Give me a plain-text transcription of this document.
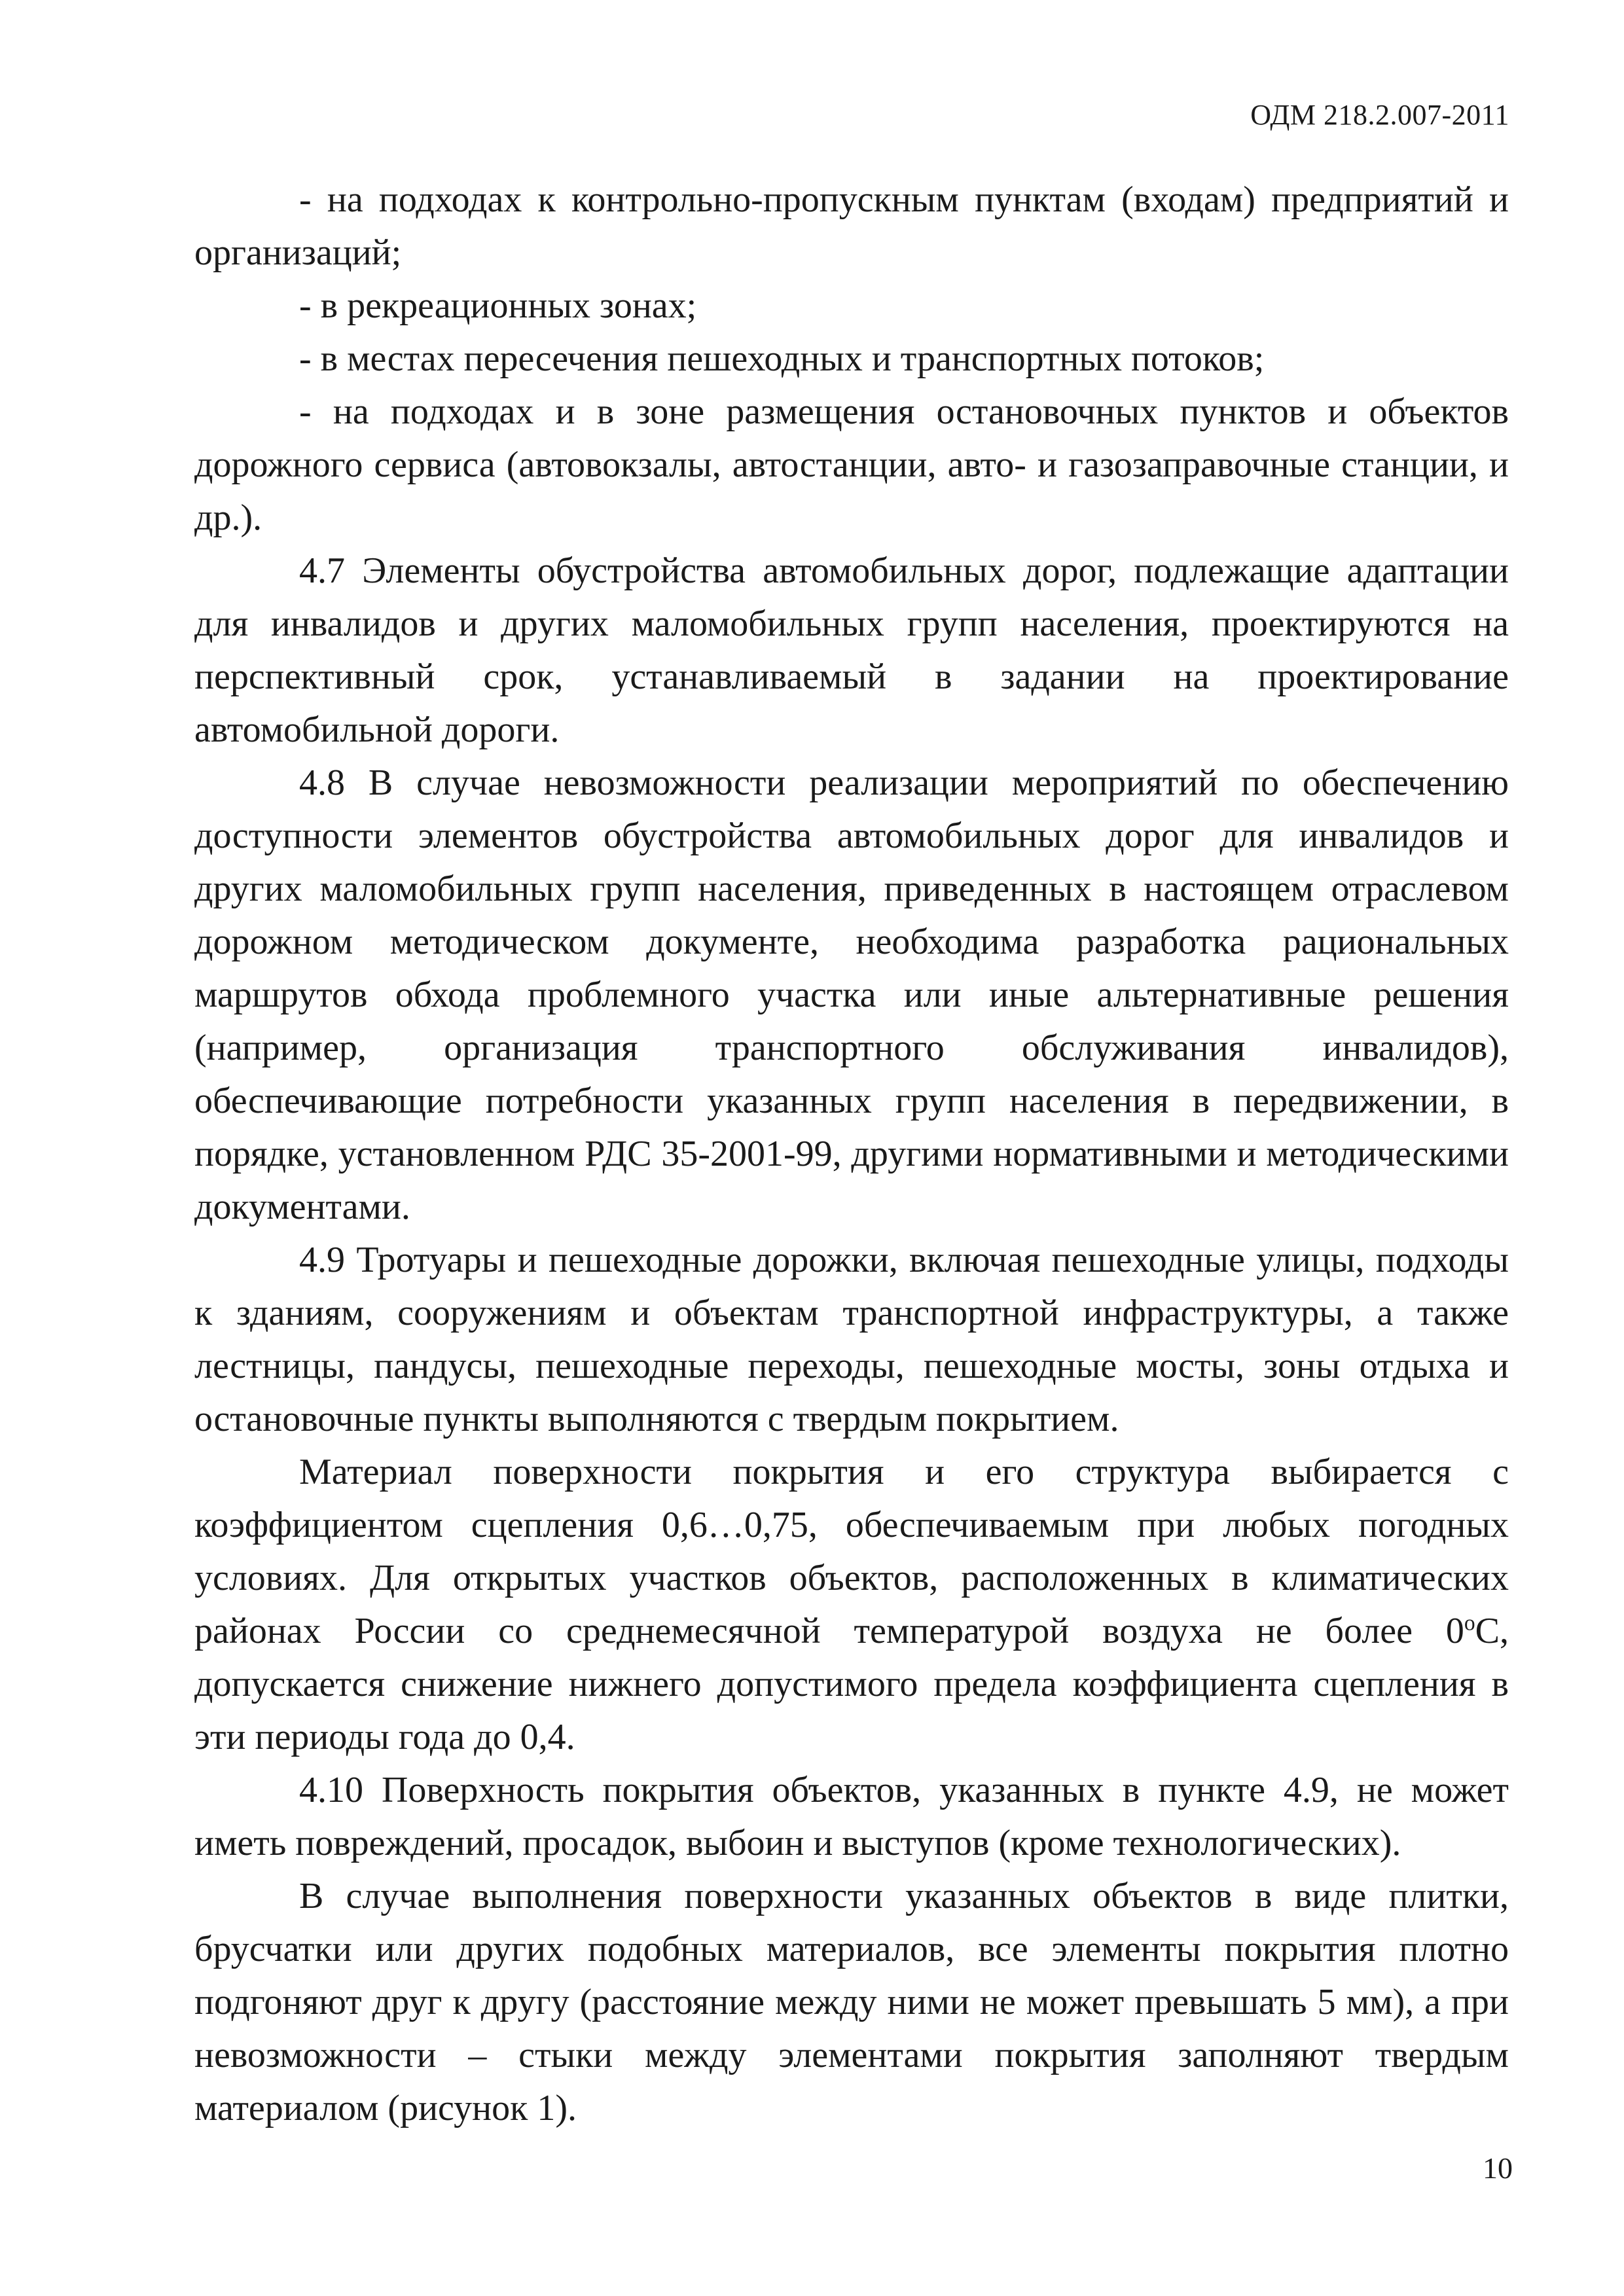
ОДМ 218.2.007-2011

- на подходах к контрольно-пропускным пунктам (входам) предприятий и организаций;

- в рекреационных зонах;

- в местах пересечения пешеходных и транспортных потоков;

- на подходах и в зоне размещения остановочных пунктов и объектов дорожного сервиса (автовокзалы, автостанции, авто- и газозаправочные станции, и др.).

4.7 Элементы обустройства автомобильных дорог, подлежащие адаптации для инвалидов и других маломобильных групп населения, проектируются на перспективный срок, устанавливаемый в задании на проектирование автомобильной дороги.

4.8 В случае невозможности реализации мероприятий по обеспечению доступности элементов обустройства автомобильных дорог для инвалидов и других маломобильных групп населения, приведенных в настоящем отраслевом дорожном методическом документе, необходима разработка рациональных маршрутов обхода проблемного участка или иные альтернативные решения (например, организация транспортного обслуживания инвалидов), обеспечивающие потребности указанных групп населения в передвижении, в порядке, установленном РДС 35-2001-99, другими нормативными и методическими документами.

4.9 Тротуары и пешеходные дорожки, включая пешеходные улицы, подходы к зданиям, сооружениям и объектам транспортной инфраструктуры, а также лестницы, пандусы, пешеходные переходы, пешеходные мосты, зоны отдыха и остановочные пункты выполняются с твердым покрытием.

Материал поверхности покрытия и его структура выбирается с коэффициентом сцепления 0,6…0,75, обеспечиваемым при любых погодных условиях. Для открытых участков объектов, расположенных в климатических районах России со среднемесячной температурой воздуха не более $0^оС$, допускается снижение нижнего допустимого предела коэффициента сцепления в эти периоды года до 0,4.

4.10 Поверхность покрытия объектов, указанных в пункте 4.9, не может иметь повреждений, просадок, выбоин и выступов (кроме технологических).

В случае выполнения поверхности указанных объектов в виде плитки, брусчатки или других подобных материалов, все элементы покрытия плотно подгоняют друг к другу (расстояние между ними не может превышать 5 мм), а при невозможности – стыки между элементами покрытия заполняют твердым материалом (рисунок 1).

10
